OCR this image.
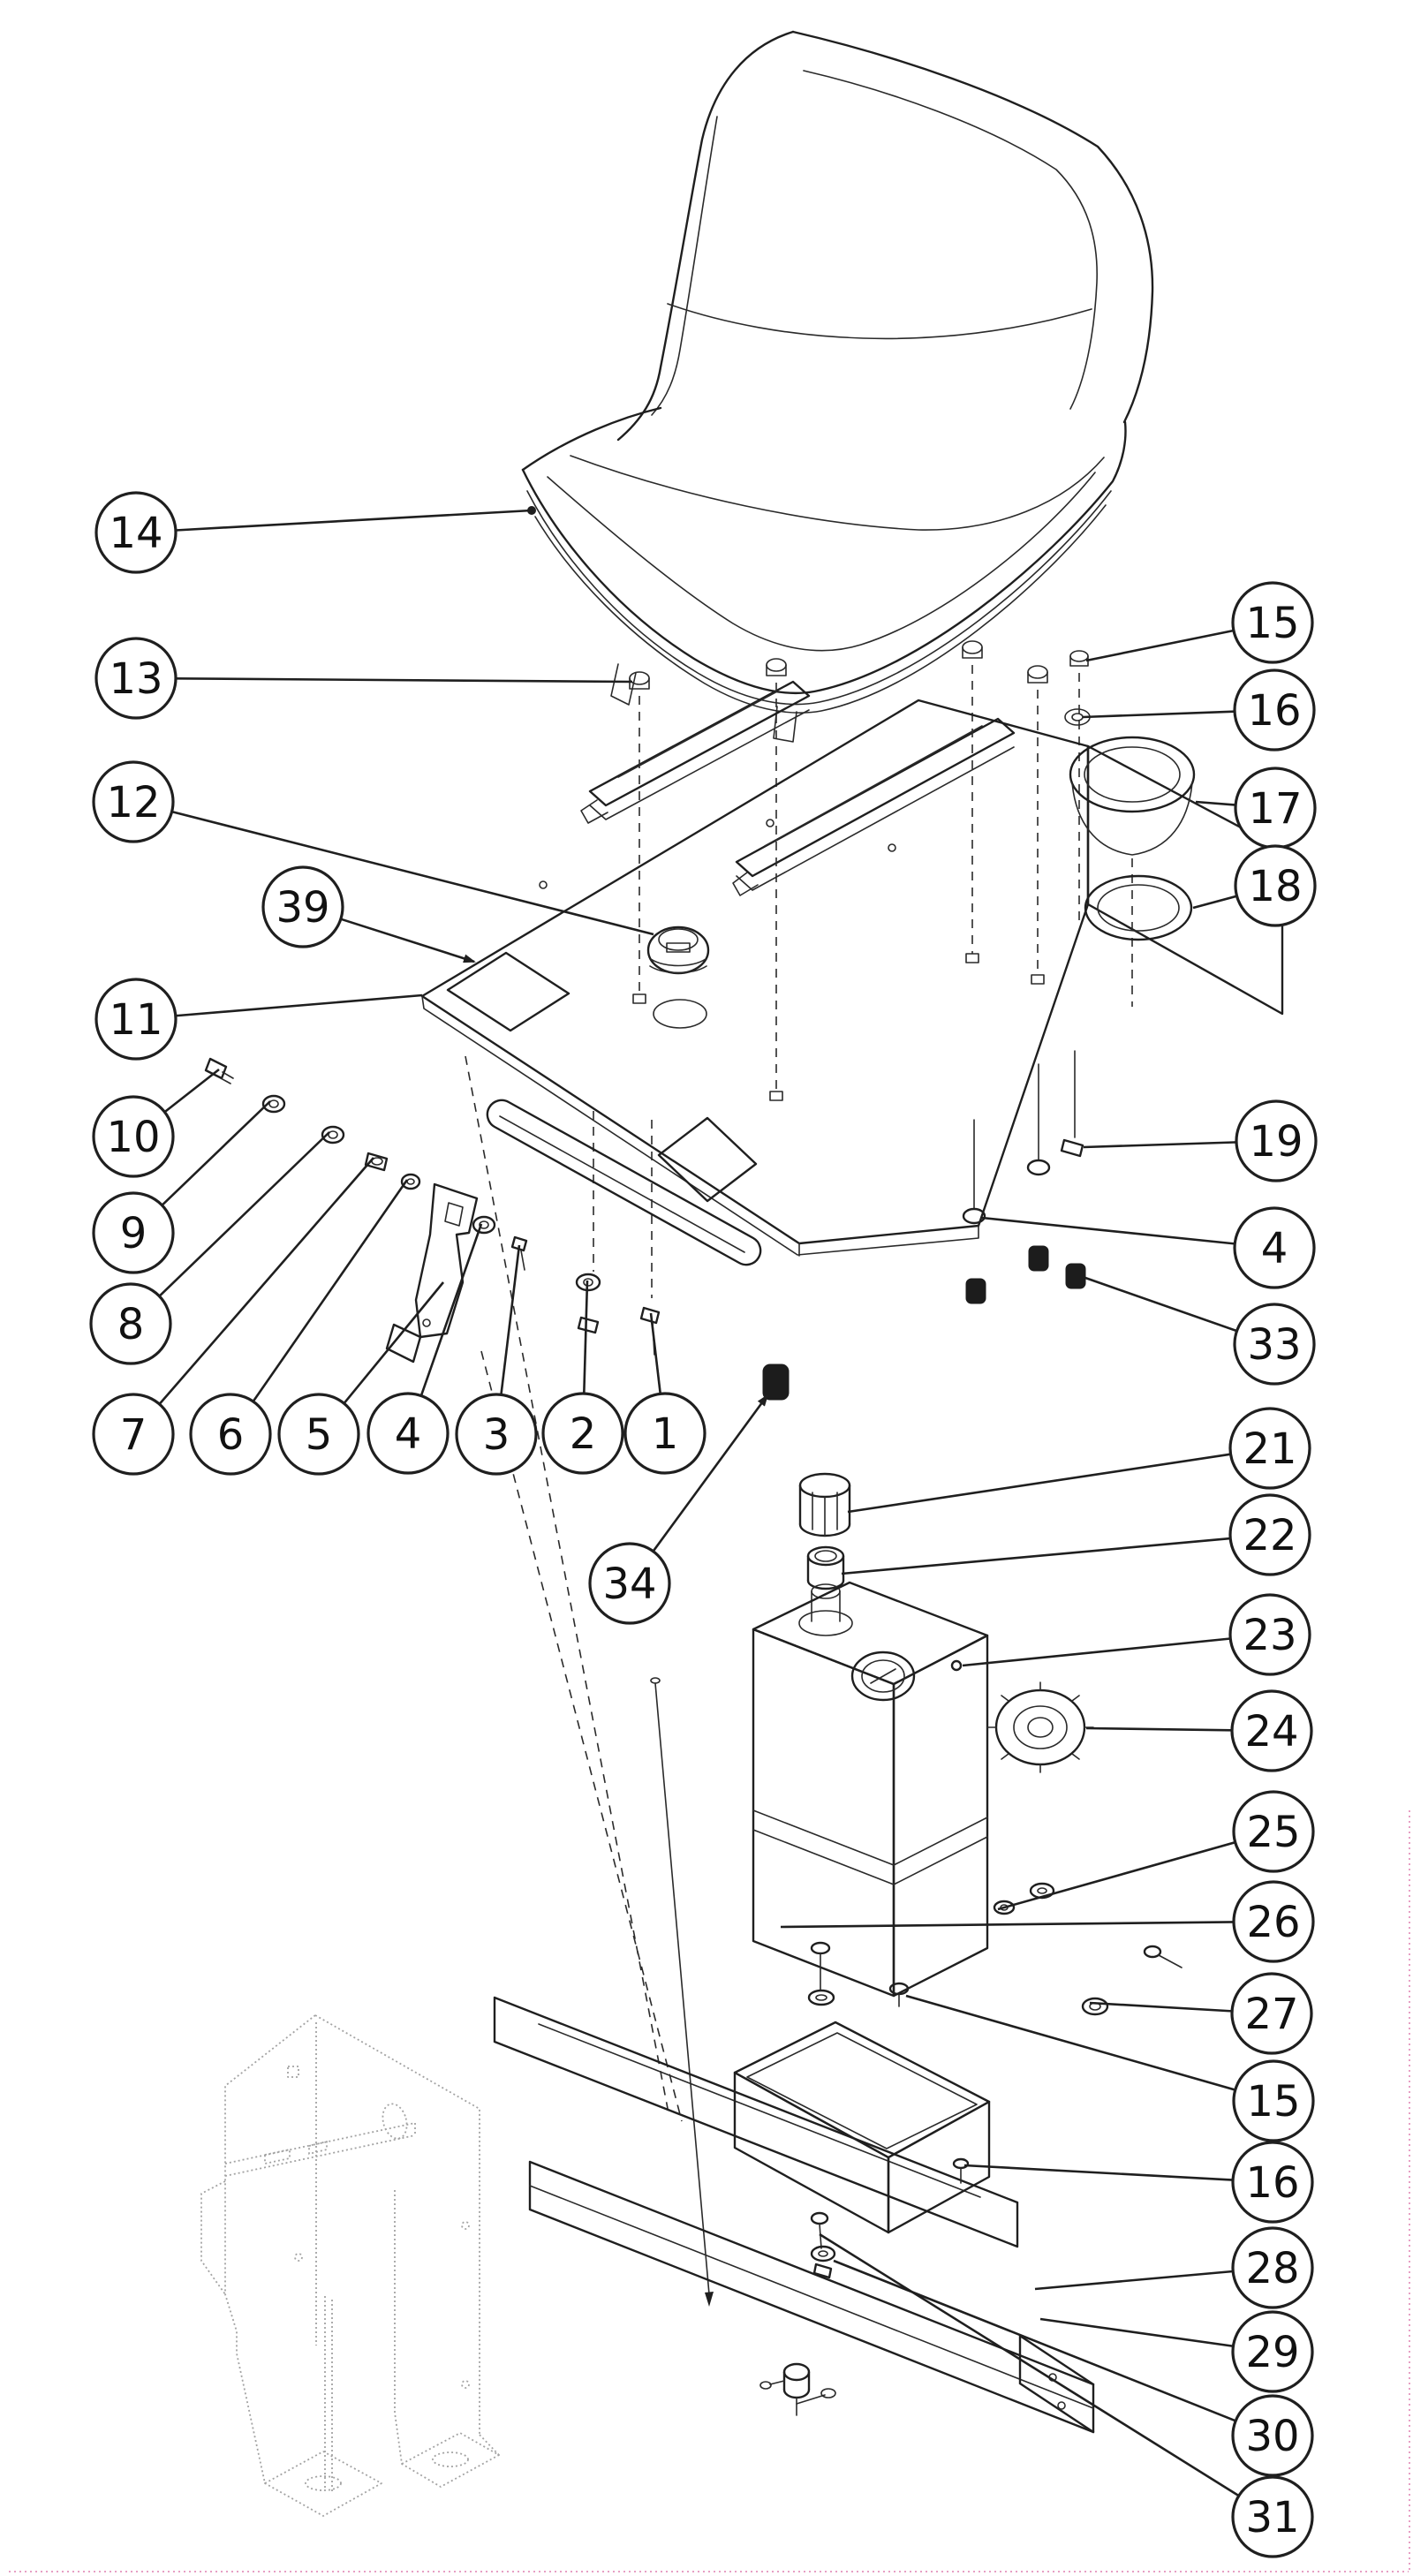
14
13
12
39
11
10
9
8
7 6 5 4 3 2 1
34
15
16
17
18
19
4
33
21
22
23
24
25
26
27
15
16
28
29
30
31
